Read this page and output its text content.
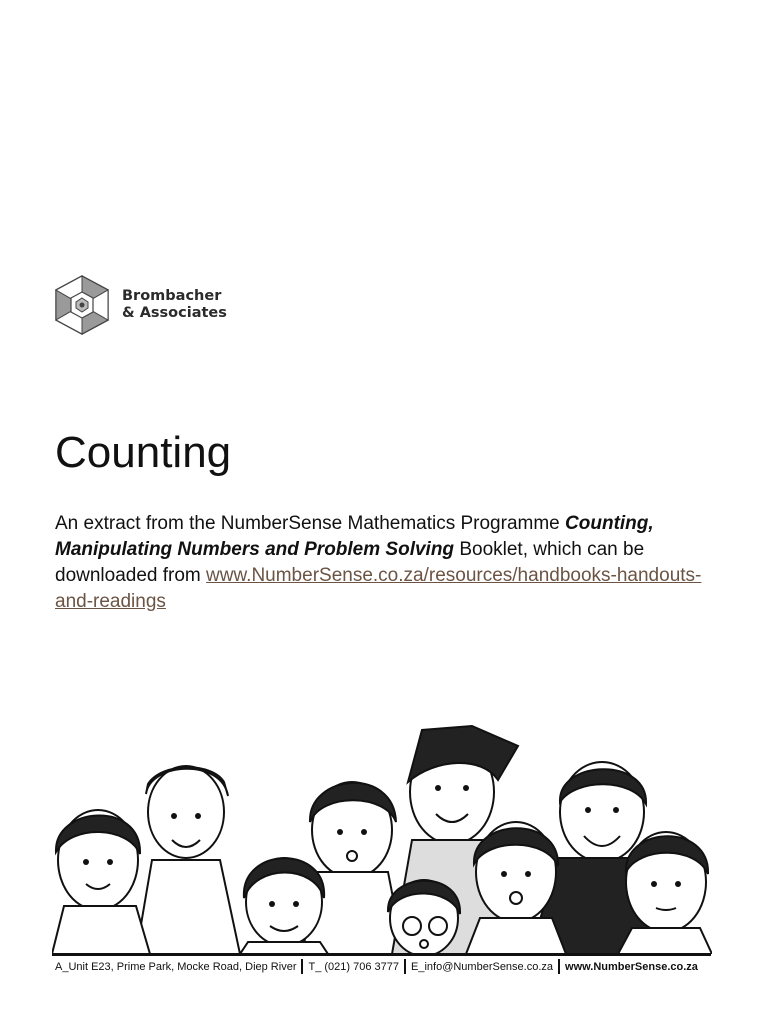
Brombacher
& Associates
Counting

An extract from the NumberSense Mathematics Programme Counting, Manipulating Numbers and Problem Solving Booklet, which can be downloaded from www.NumberSense.co.za/resources/handbooks-handouts-and-readings

A_Unit E23, Prime Park, Mocke Road, Diep River T_ (021) 706 3777 E_info@NumberSense.co.za www.NumberSense.co.za
